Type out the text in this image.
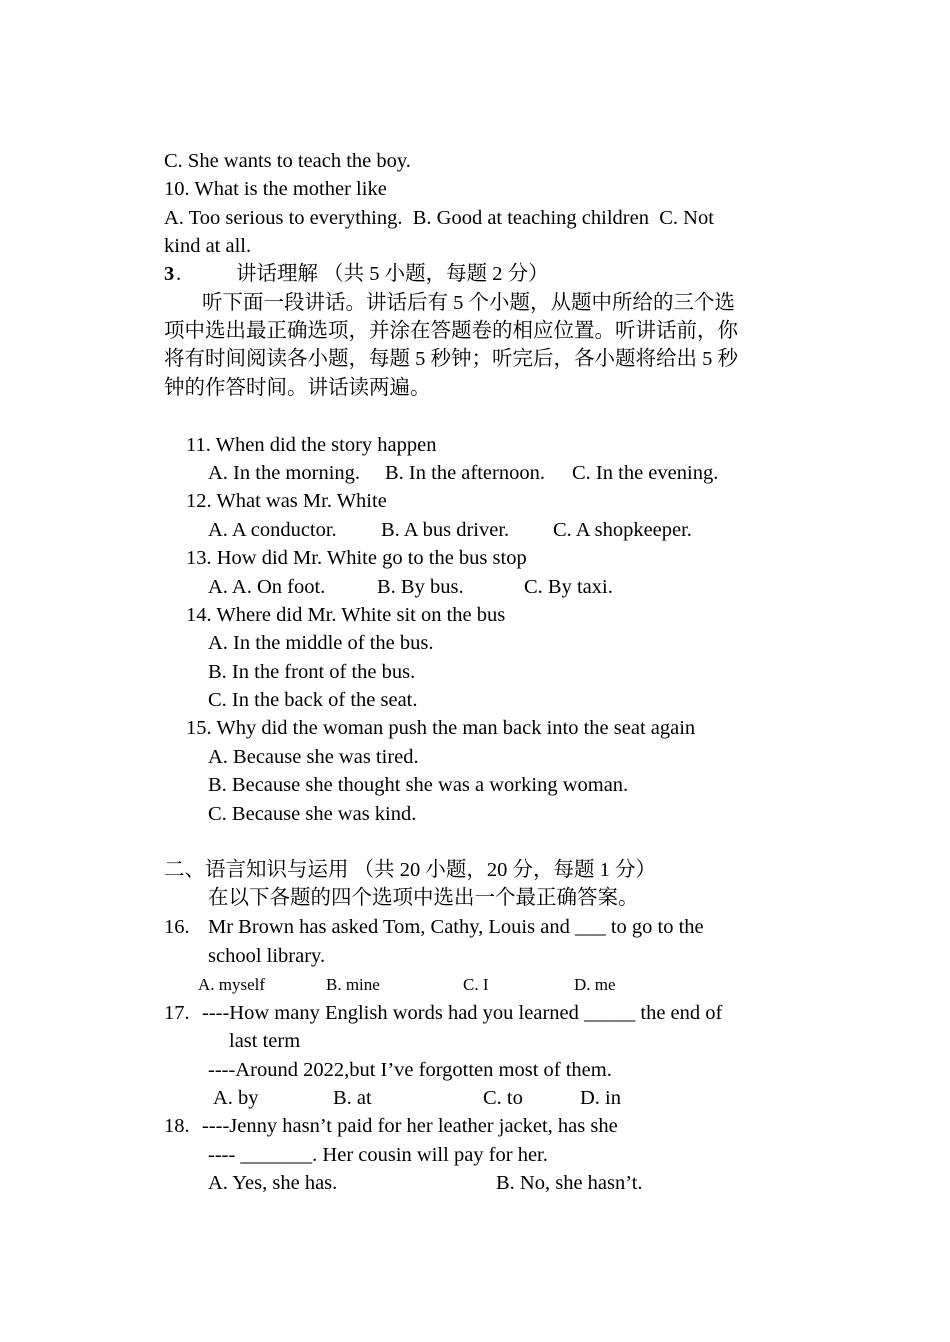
C. She wants to teach the boy.
10. What is the mother like
A. Too serious to everything.  B. Good at teaching children  C. Not
kind at all.
3 .	讲话理解 （共 5 小题，每题 2 分）
听下面一段讲话。讲话后有 5 个小题，从题中所给的三个选
项中选出最正确选项，并涂在答题卷的相应位置。听讲话前，你
将有时间阅读各小题，每题 5 秒钟；听完后，各小题将给出 5 秒
钟的作答时间。讲话读两遍。
11. When did the story happen
A. In the morning. B. In the afternoon. C. In the evening.
12. What was Mr. White
A. A conductor. B. A bus driver. C. A shopkeeper.
13. How did Mr. White go to the bus stop
A. A. On foot.	B. By bus.	C. By taxi.
14. Where did Mr. White sit on the bus
A. In the middle of the bus.
B. In the front of the bus.
C. In the back of the seat.
15. Why did the woman push the man back into the seat again
A. Because she was tired.
B. Because she thought she was a working woman.
C. Because she was kind.
二、语言知识与运用 （共 20 小题，20 分，每题 1 分）
在以下各题的四个选项中选出一个最正确答案。
16. Mr Brown has asked Tom, Cathy, Louis and ___ to go to the
school library.
A. myself	B. mine	C. I	D. me
17. ----How many English words had you learned _____ the end of
last term
----Around 2022,but I’ve forgotten most of them.
A. by	B. at	C. to	D. in
18. ----Jenny hasn’t paid for her leather jacket, has she
---- _______. Her cousin will pay for her.
A. Yes, she has.	B. No, she hasn’t.
